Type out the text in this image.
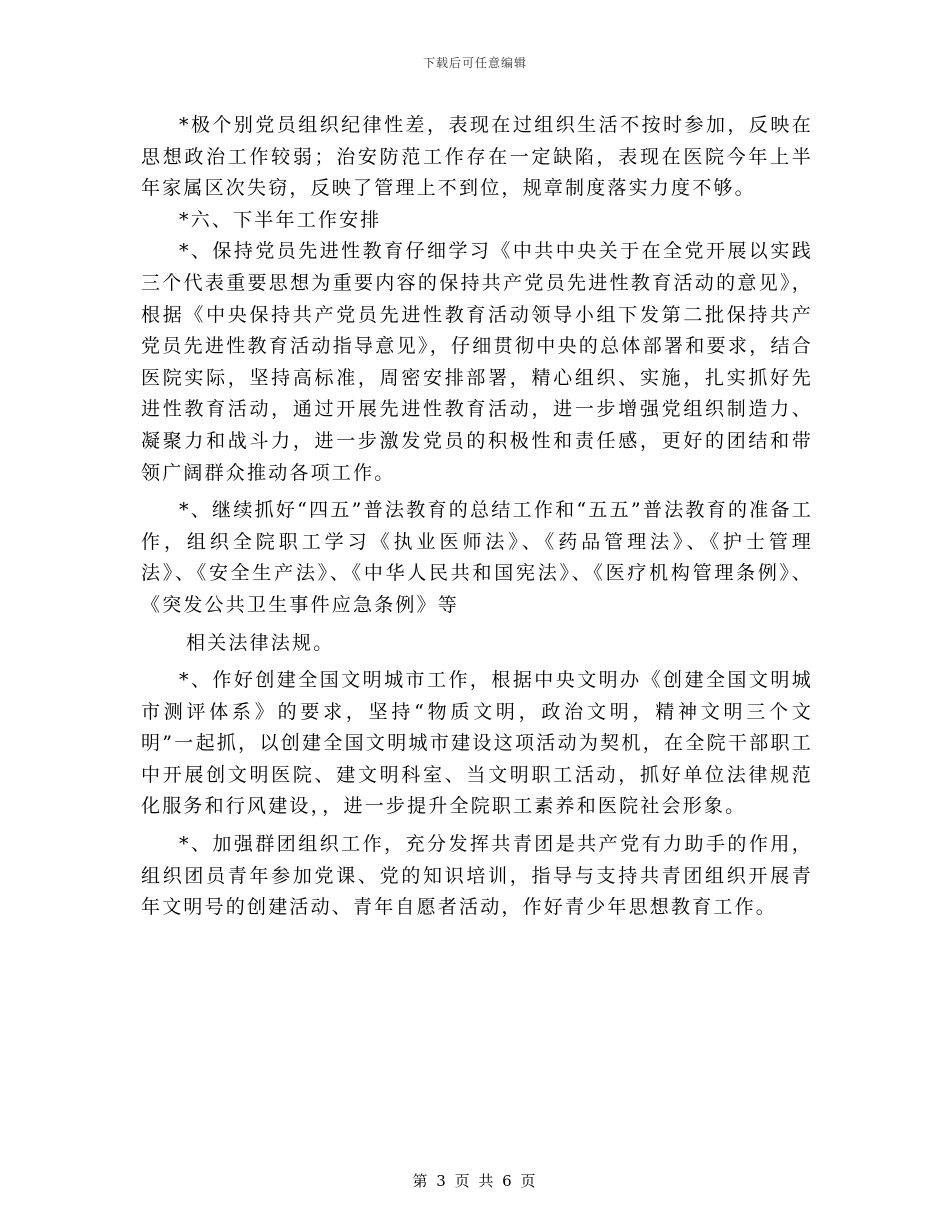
下载后可任意编辑

*极个别党员组织纪律性差，表现在过组织生活不按时参加，反映在思想政治工作较弱；治安防范工作存在一定缺陷，表现在医院今年上半年家属区次失窃，反映了管理上不到位，规章制度落实力度不够。

*六、下半年工作安排

*、保持党员先进性教育仔细学习《中共中央关于在全党开展以实践三个代表重要思想为重要内容的保持共产党员先进性教育活动的意见》，根据《中央保持共产党员先进性教育活动领导小组下发第二批保持共产党员先进性教育活动指导意见》，仔细贯彻中央的总体部署和要求，结合医院实际，坚持高标准，周密安排部署，精心组织、实施，扎实抓好先进性教育活动，通过开展先进性教育活动，进一步增强党组织制造力、凝聚力和战斗力，进一步激发党员的积极性和责任感，更好的团结和带领广阔群众推动各项工作。

*、继续抓好“四五”普法教育的总结工作和“五五”普法教育的准备工作，组织全院职工学习《执业医师法》、《药品管理法》、《护士管理法》、《安全生产法》、《中华人民共和国宪法》、《医疗机构管理条例》、《突发公共卫生事件应急条例》等

相关法律法规。

*、作好创建全国文明城市工作，根据中央文明办《创建全国文明城市测评体系》的要求，坚持“物质文明，政治文明，精神文明三个文明”一起抓，以创建全国文明城市建设这项活动为契机，在全院干部职工中开展创文明医院、建文明科室、当文明职工活动，抓好单位法律规范化服务和行风建设，，进一步提升全院职工素养和医院社会形象。

*、加强群团组织工作，充分发挥共青团是共产党有力助手的作用，组织团员青年参加党课、党的知识培训，指导与支持共青团组织开展青年文明号的创建活动、青年自愿者活动，作好青少年思想教育工作。

第 3 页 共 6 页
